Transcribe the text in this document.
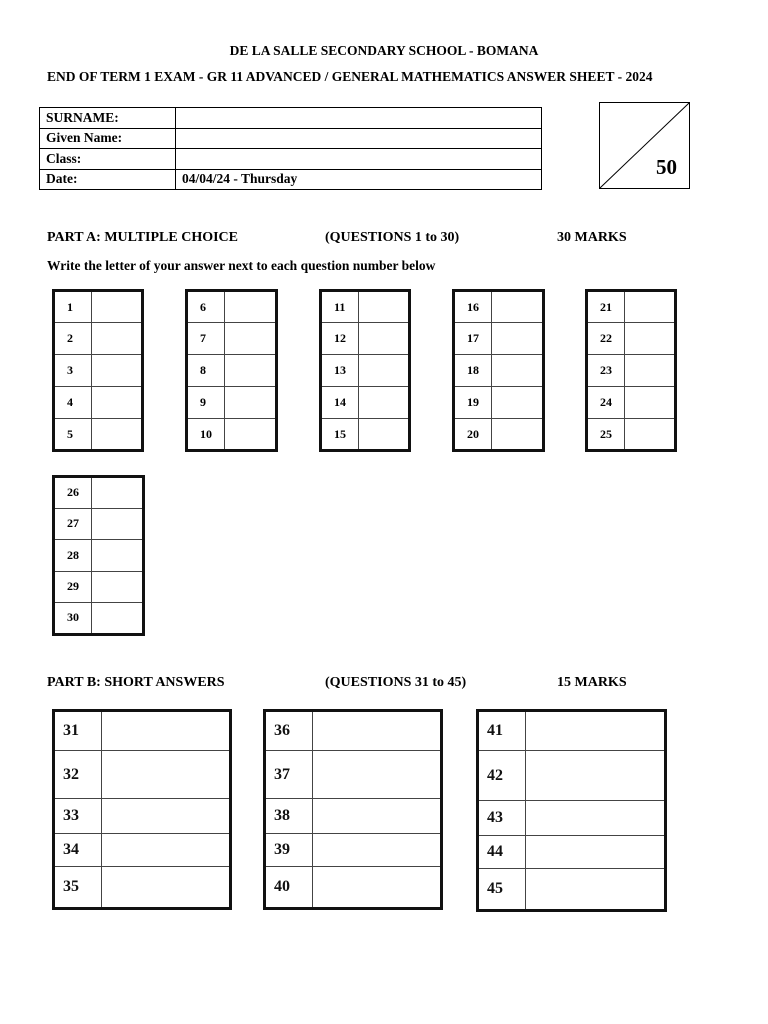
DE LA SALLE SECONDARY SCHOOL - BOMANA
END OF TERM 1 EXAM - GR 11 ADVANCED / GENERAL MATHEMATICS ANSWER SHEET - 2024
SURNAME:	
Given Name:	
Class:	
Date:	04/04/24 - Thursday	50
PART A: MULTIPLE CHOICE	(QUESTIONS 1 to 30)	30 MARKS
Write the letter of your answer next to each question number below
1	
2	
3	
4	
5	
6	
7	
8	
9	
10	
11	
12	
13	
14	
15	
16	
17	
18	
19	
20	
21	
22	
23	
24	
25	
26	
27	
28	
29	
30	
PART B: SHORT ANSWERS	(QUESTIONS 31 to 45)	15 MARKS
31	
32	
33	
34	
35	
36	
37	
38	
39	
40	
41	
42	
43	
44	
45	
